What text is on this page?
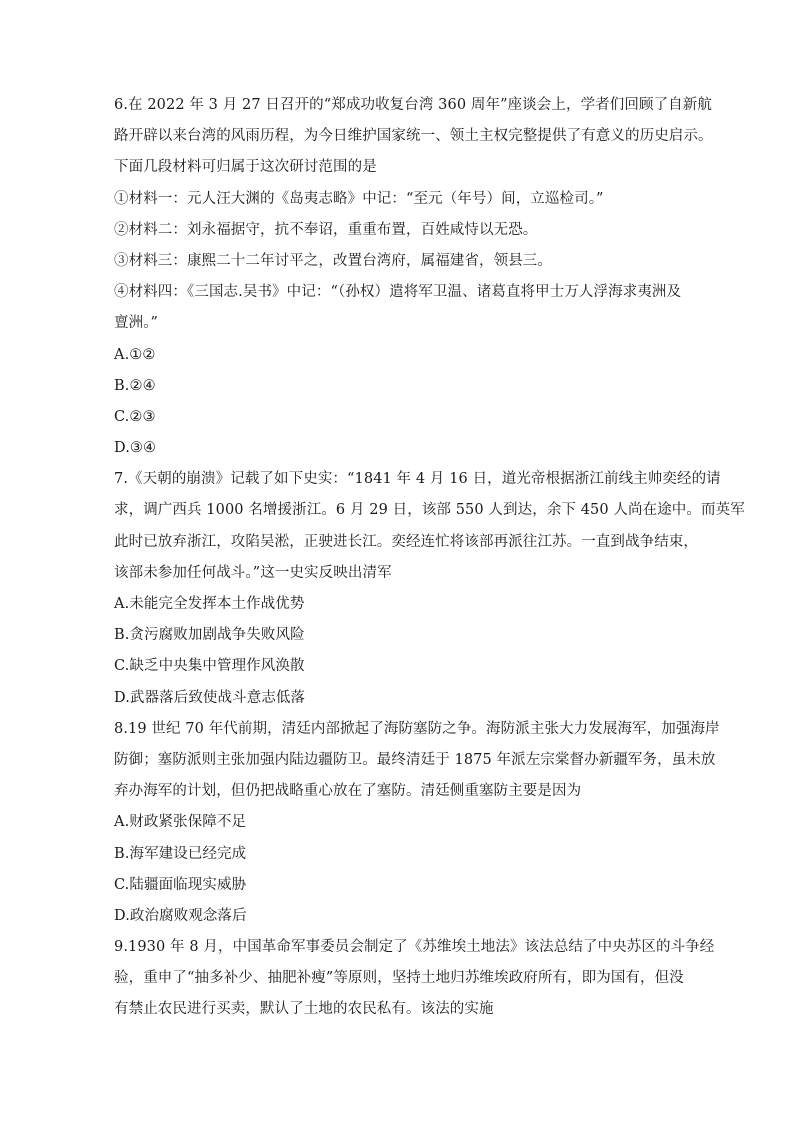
6.在 2022 年 3 月 27 日召开的“郑成功收复台湾 360 周年”座谈会上，学者们回顾了自新航
路开辟以来台湾的风雨历程，为今日维护国家统一、领土主权完整提供了有意义的历史启示。
下面几段材料可归属于这次研讨范围的是
①材料一：元人汪大渊的《岛夷志略》中记：“至元（年号）间，立巡检司。”
②材料二：刘永福据守，抗不奉诏，重重布置，百姓咸恃以无恐。
③材料三：康熙二十二年讨平之，改置台湾府，属福建省，领县三。
④材料四：《三国志.吴书》中记：“（孙权）遣将军卫温、诸葛直将甲士万人浮海求夷洲及
亶洲。”
A.①②
B.②④
C.②③
D.③④
7.《天朝的崩溃》记载了如下史实：“1841 年 4 月 16 日，道光帝根据浙江前线主帅奕经的请
求，调广西兵 1000 名增援浙江。6 月 29 日，该部 550 人到达，余下 450 人尚在途中。而英军
此时已放弃浙江，攻陷吴淞，正驶进长江。奕经连忙将该部再派往江苏。一直到战争结束，
该部未参加任何战斗。”这一史实反映出清军
A.未能完全发挥本土作战优势
B.贪污腐败加剧战争失败风险
C.缺乏中央集中管理作风涣散
D.武器落后致使战斗意志低落
8.19 世纪 70 年代前期，清廷内部掀起了海防塞防之争。海防派主张大力发展海军，加强海岸
防御；塞防派则主张加强内陆边疆防卫。最终清廷于 1875 年派左宗棠督办新疆军务，虽未放
弃办海军的计划，但仍把战略重心放在了塞防。清廷侧重塞防主要是因为
A.财政紧张保障不足
B.海军建设已经完成
C.陆疆面临现实威胁
D.政治腐败观念落后
9.1930 年 8 月，中国革命军事委员会制定了《苏维埃土地法》该法总结了中央苏区的斗争经
验，重申了“抽多补少、抽肥补瘦”等原则，坚持土地归苏维埃政府所有，即为国有，但没
有禁止农民进行买卖，默认了土地的农民私有。该法的实施
